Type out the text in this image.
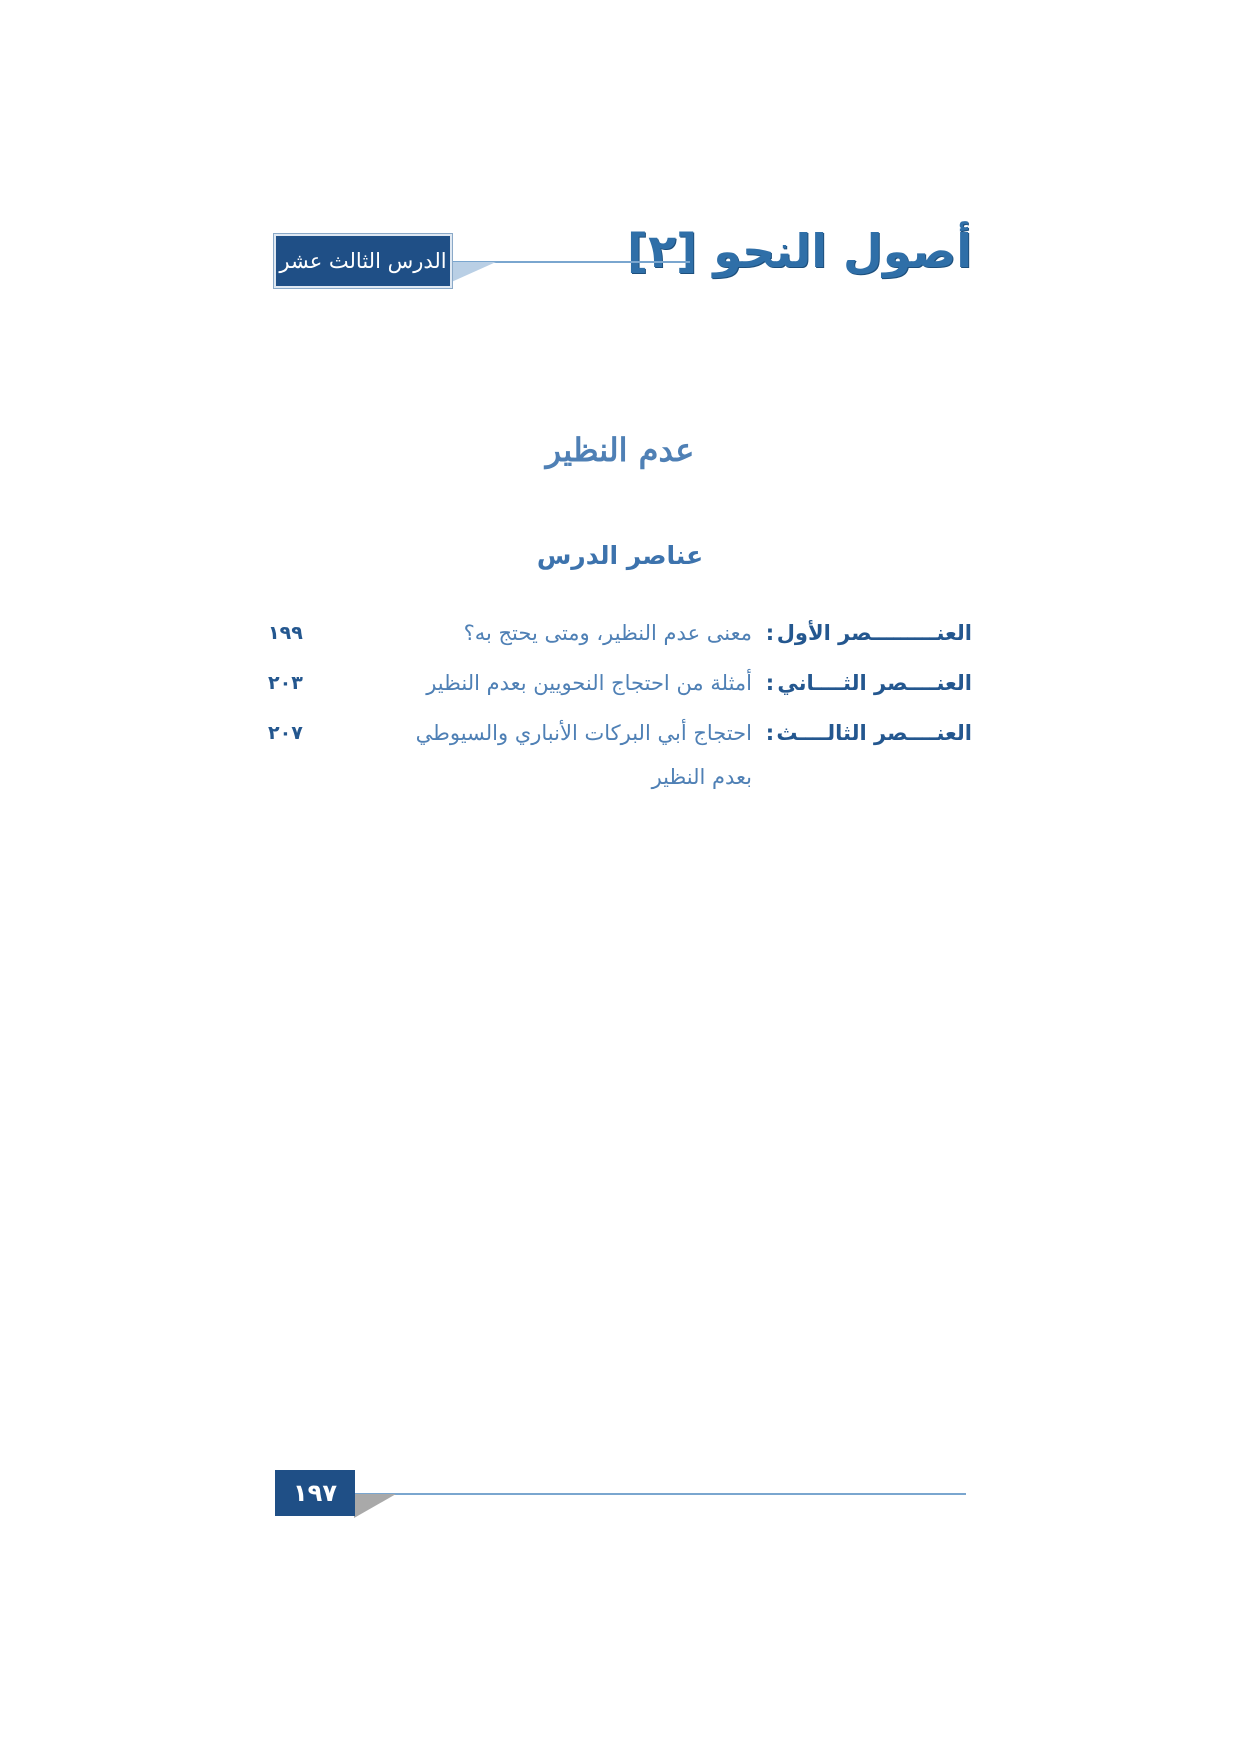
أصول النحو [٢]
الدرس الثالث عشر
عدم النظير
عناصر الدرس
العنـــــــــصر الأول
:
معنى عدم النظير، ومتى يحتج به؟
١٩٩
العنــــصر الثــــاني
:
أمثلة من احتجاج النحويين بعدم النظير
٢٠٣
العنــــصر الثالــــث
:
احتجاج أبي البركات الأنباري والسيوطي بعدم النظير
٢٠٧
١٩٧
